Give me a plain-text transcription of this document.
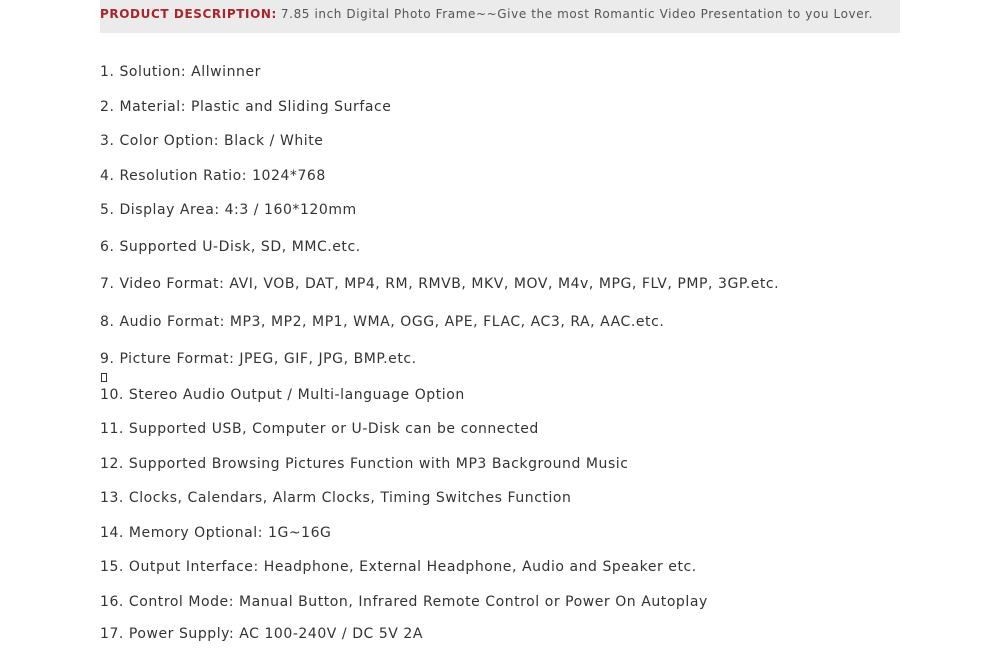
PRODUCT DESCRIPTION: 7.85 inch Digital Photo Frame~~Give the most Romantic Video Presentation to you Lover.
1. Solution: Allwinner
2. Material: Plastic and Sliding Surface
3. Color Option: Black / White
4. Resolution Ratio: 1024*768
5. Display Area: 4:3 / 160*120mm
6. Supported U-Disk, SD, MMC.etc.
7. Video Format: AVI, VOB, DAT, MP4, RM, RMVB, MKV, MOV, M4v, MPG, FLV, PMP, 3GP.etc.
8. Audio Format: MP3, MP2, MP1, WMA, OGG, APE, FLAC, AC3, RA, AAC.etc.
9. Picture Format: JPEG, GIF, JPG, BMP.etc.
10. Stereo Audio Output / Multi-language Option
11. Supported USB, Computer or U-Disk can be connected
12. Supported Browsing Pictures Function with MP3 Background Music
13. Clocks, Calendars, Alarm Clocks, Timing Switches Function
14. Memory Optional: 1G~16G
15. Output Interface: Headphone, External Headphone, Audio and Speaker etc.
16. Control Mode: Manual Button, Infrared Remote Control or Power On Autoplay
17. Power Supply: AC 100-240V / DC 5V 2A
